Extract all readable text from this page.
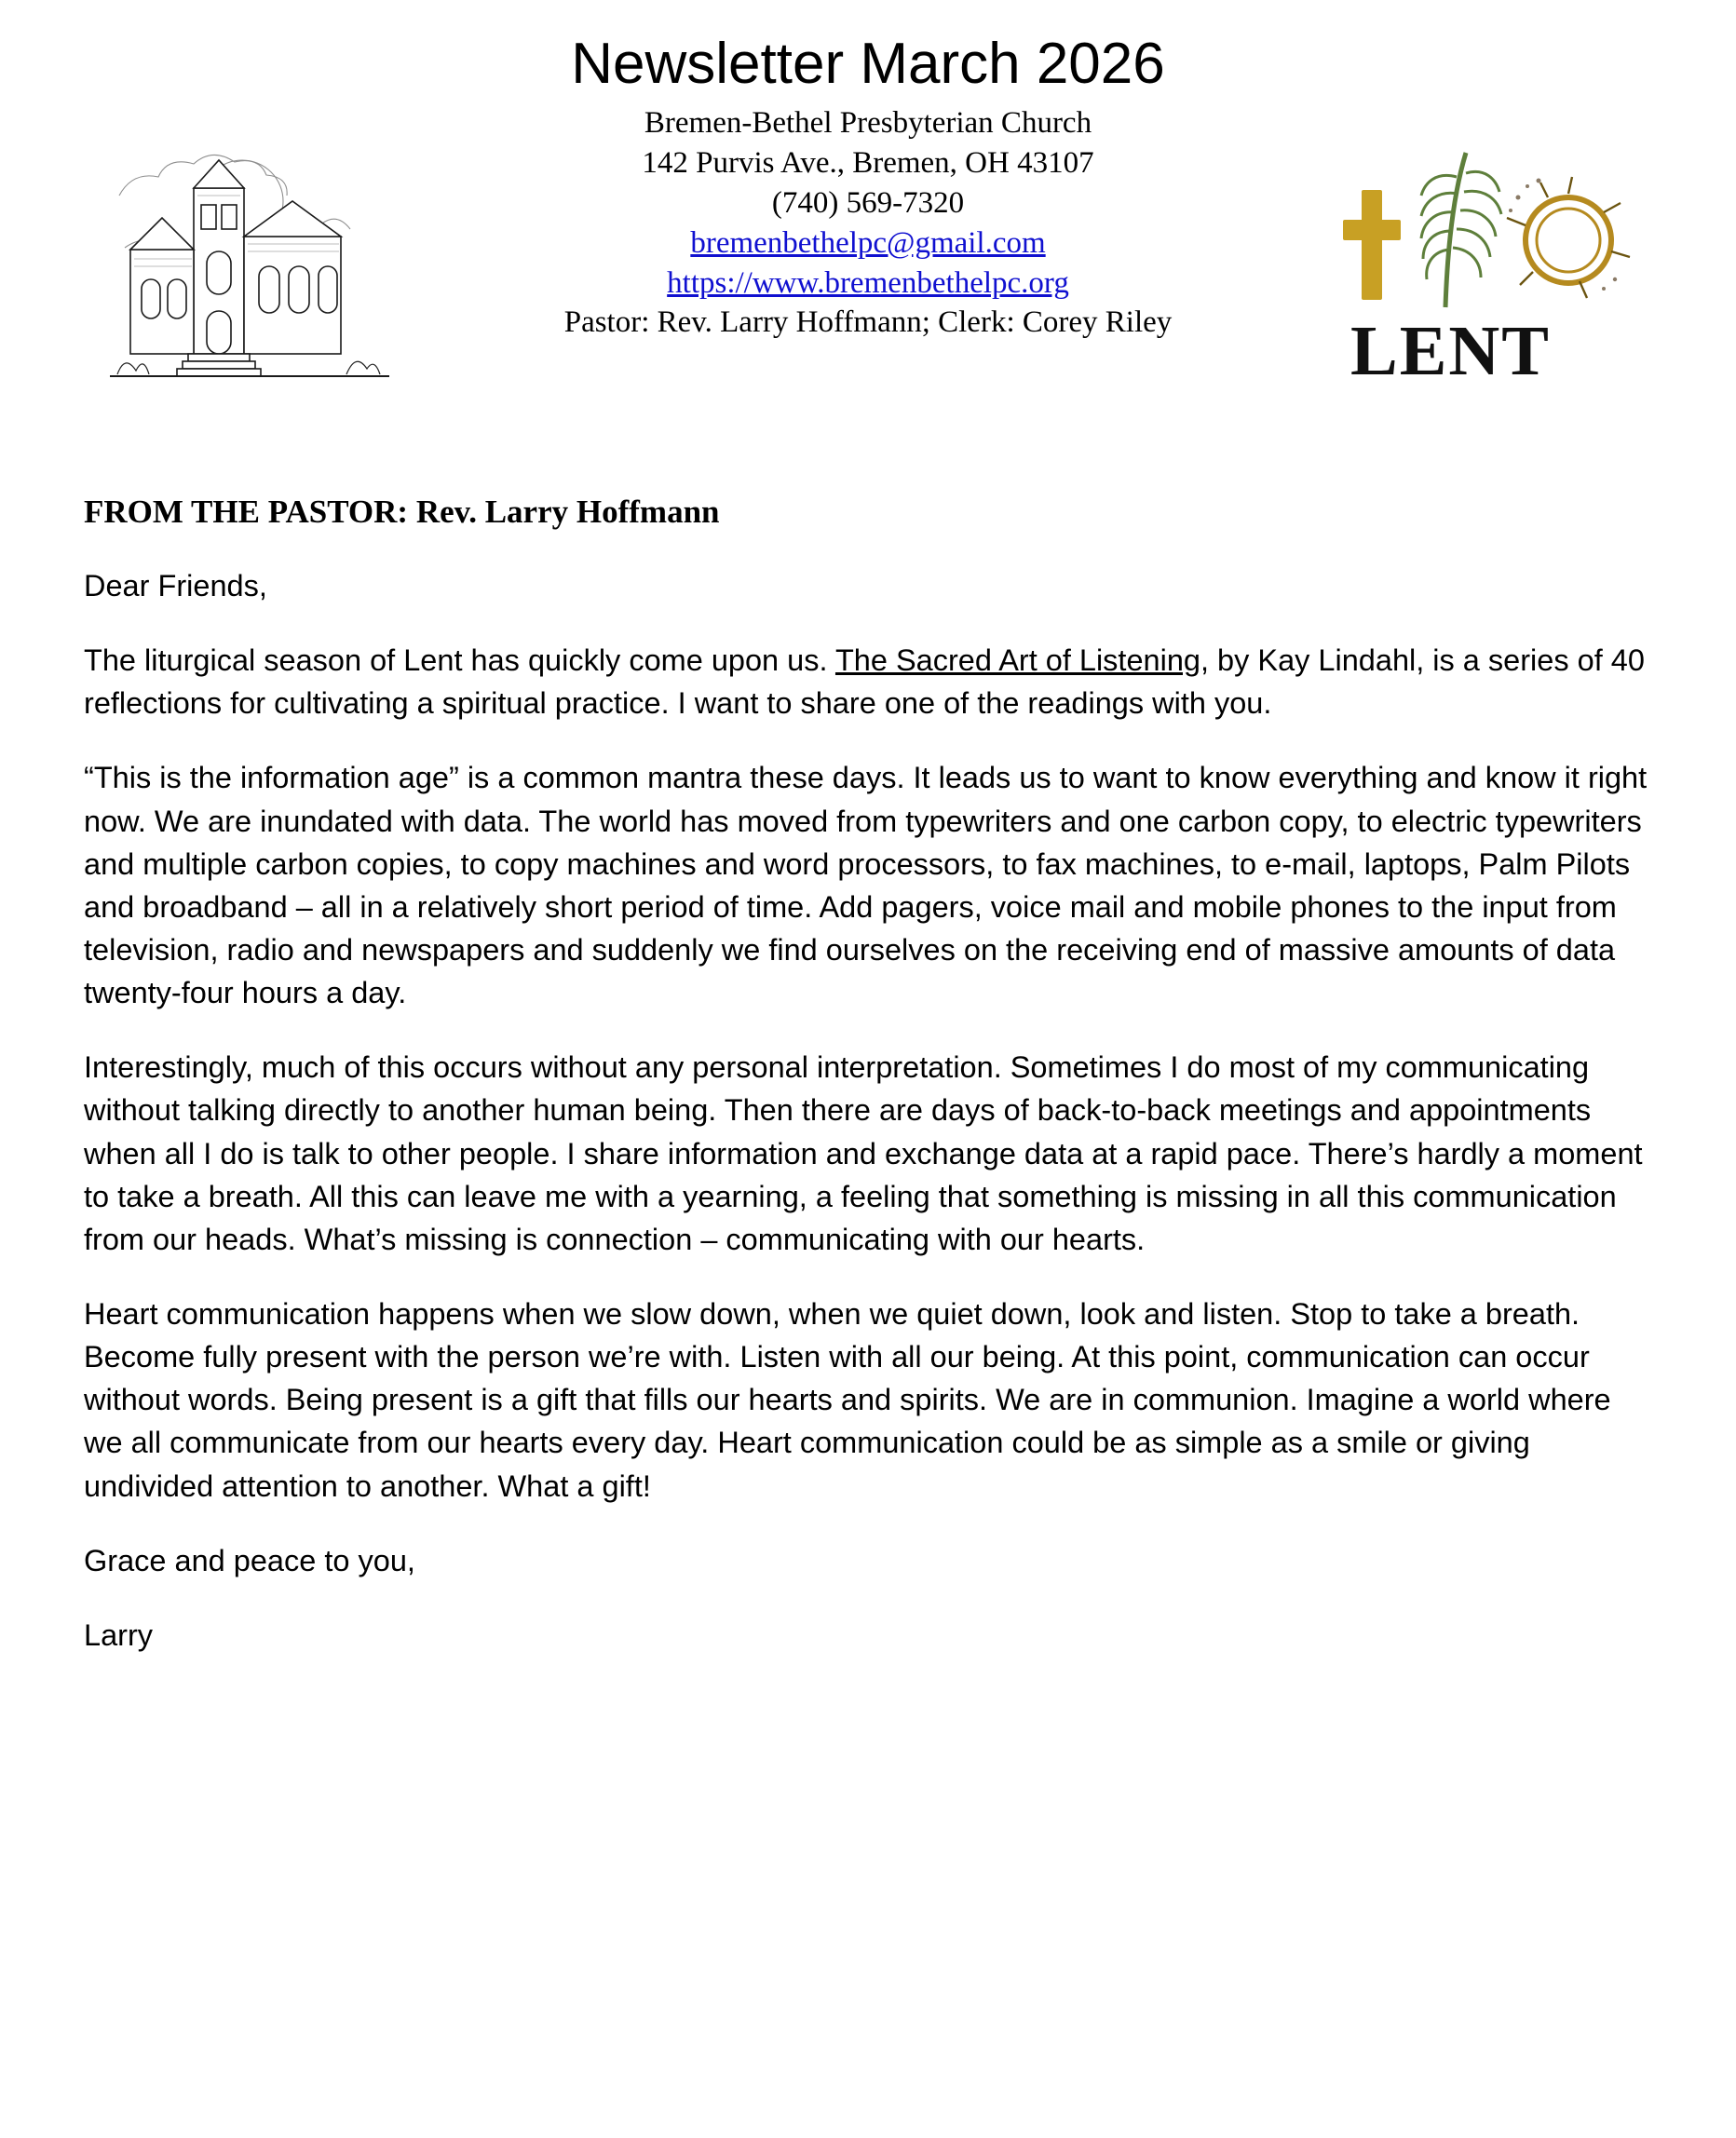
LENT
Newsletter March 2026
Bremen-Bethel Presbyterian Church
142 Purvis Ave., Bremen, OH 43107
(740) 569-7320
bremenbethelpc@gmail.com
https://www.bremenbethelpc.org
Pastor: Rev. Larry Hoffmann; Clerk: Corey Riley
FROM THE PASTOR: Rev. Larry Hoffmann

Dear Friends,

The liturgical season of Lent has quickly come upon us. The Sacred Art of Listening, by Kay Lindahl, is a series of 40 reflections for cultivating a spiritual practice. I want to share one of the readings with you.

“This is the information age” is a common mantra these days. It leads us to want to know everything and know it right now. We are inundated with data. The world has moved from typewriters and one carbon copy, to electric typewriters and multiple carbon copies, to copy machines and word processors, to fax machines, to e-mail, laptops, Palm Pilots and broadband – all in a relatively short period of time. Add pagers, voice mail and mobile phones to the input from television, radio and newspapers and suddenly we find ourselves on the receiving end of massive amounts of data twenty-four hours a day.

Interestingly, much of this occurs without any personal interpretation. Sometimes I do most of my communicating without talking directly to another human being. Then there are days of back-to-back meetings and appointments when all I do is talk to other people. I share information and exchange data at a rapid pace. There’s hardly a moment to take a breath. All this can leave me with a yearning, a feeling that something is missing in all this communication from our heads. What’s missing is connection – communicating with our hearts.

Heart communication happens when we slow down, when we quiet down, look and listen. Stop to take a breath. Become fully present with the person we’re with. Listen with all our being. At this point, communication can occur without words. Being present is a gift that fills our hearts and spirits. We are in communion. Imagine a world where we all communicate from our hearts every day. Heart communication could be as simple as a smile or giving undivided attention to another. What a gift!

Grace and peace to you,

Larry
